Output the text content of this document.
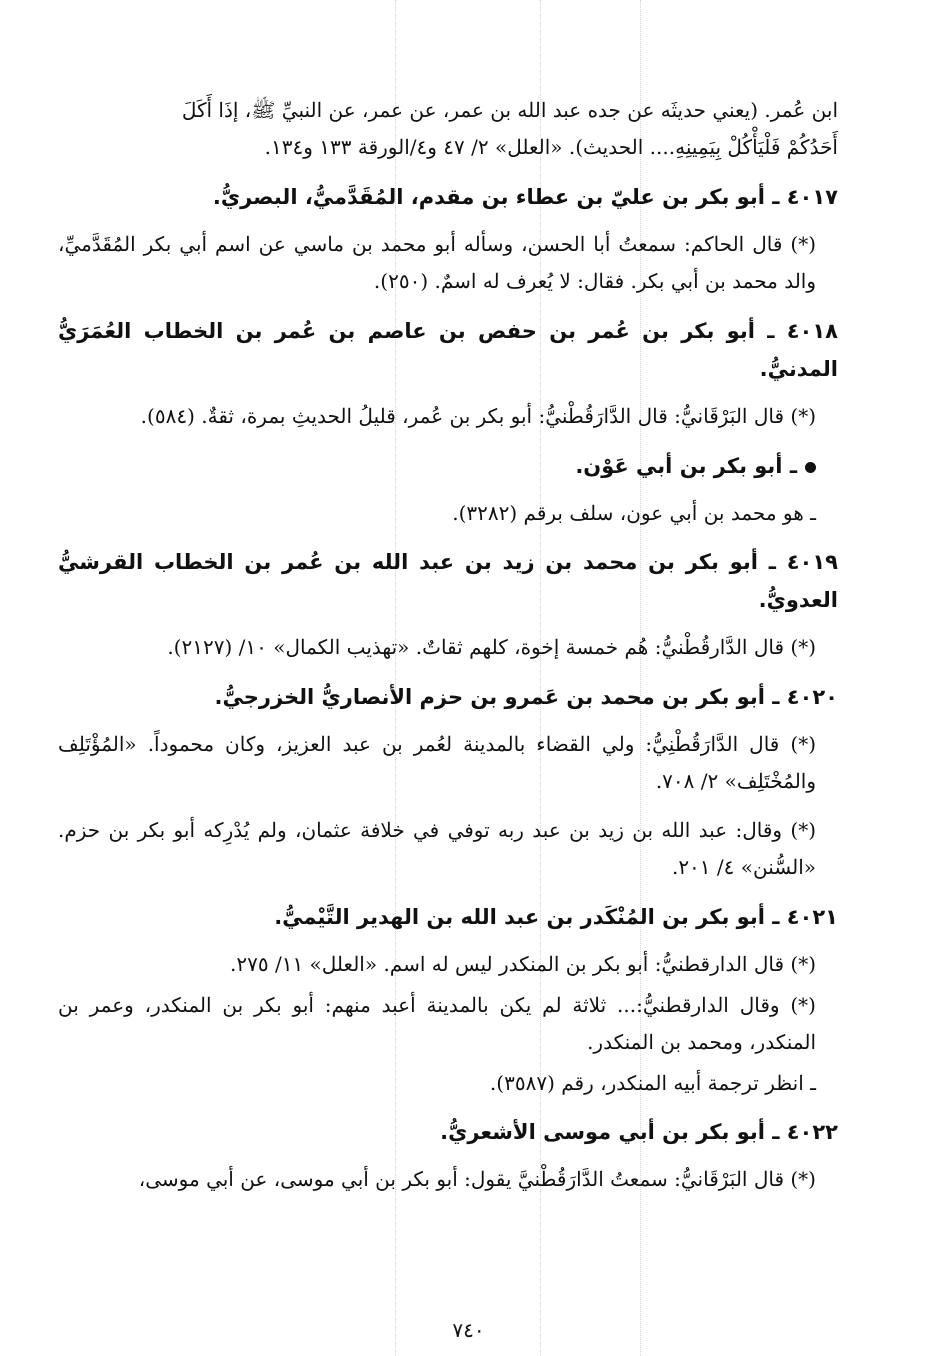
ابن عُمر. (يعني حديثَه عن جده عبد الله بن عمر، عن عمر، عن النبيِّ ﷺ، إذَا أَكَلَ
أَحَدُكُمْ فَلْيَأْكُلْ بِيَمِينِهِ.... الحديث). «العلل» ٢/ ٤٧ و٤/الورقة ١٣٣ و١٣٤.
٤٠١٧ ـ أبو بكر بن عليّ بن عطاء بن مقدم، المُقَدَّميُّ، البصريُّ.
(*) قال الحاكم: سمعتُ أبا الحسن، وسأله أبو محمد بن ماسي عن اسم أبي بكر المُقَدَّميِّ، والد محمد بن أبي بكر. فقال: لا يُعرف له اسمٌ. (٢٥٠).
٤٠١٨ ـ أبو بكر بن عُمر بن حفص بن عاصم بن عُمر بن الخطاب العُمَرَيُّ المدنيُّ.
(*) قال البَرْقَانيُّ: قال الدَّارَقُطْنيُّ: أبو بكر بن عُمر، قليلُ الحديثِ بمرة، ثقةٌ. (٥٨٤).
ـ أبو بكر بن أبي عَوْن.
ـ هو محمد بن أبي عون، سلف برقم (٣٢٨٢).
٤٠١٩ ـ أبو بكر بن محمد بن زيد بن عبد الله بن عُمر بن الخطاب القرشيُّ العدويُّ.
(*) قال الدَّارقُطْنيُّ: هُم خمسة إخوة، كلهم ثقاتٌ. «تهذيب الكمال» ١٠/ (٢١٢٧).
٤٠٢٠ ـ أبو بكر بن محمد بن عَمرو بن حزم الأنصاريُّ الخزرجيُّ.
(*) قال الدَّارَقُطْنِيُّ: ولي القضاء بالمدينة لعُمر بن عبد العزيز، وكان محموداً. «المُؤْتَلِف والمُخْتَلِف» ٢/ ٧٠٨.
(*) وقال: عبد الله بن زيد بن عبد ربه توفي في خلافة عثمان، ولم يُدْرِكه أبو بكر بن حزم. «السُّنن» ٤/ ٢٠١.
٤٠٢١ ـ أبو بكر بن المُنْكَدر بن عبد الله بن الهدير التَّيْميُّ.
(*) قال الدارقطنيُّ: أبو بكر بن المنكدر ليس له اسم. «العلل» ١١/ ٢٧٥.
(*) وقال الدارقطنيُّ:... ثلاثة لم يكن بالمدينة أعبد منهم: أبو بكر بن المنكدر، وعمر بن المنكدر، ومحمد بن المنكدر.
ـ انظر ترجمة أبيه المنكدر، رقم (٣٥٨٧).
٤٠٢٢ ـ أبو بكر بن أبي موسى الأشعريُّ.
(*) قال البَرْقَانيُّ: سمعتُ الدَّارَقُطْنيَّ يقول: أبو بكر بن أبي موسى، عن أبي موسى،
٧٤٠
